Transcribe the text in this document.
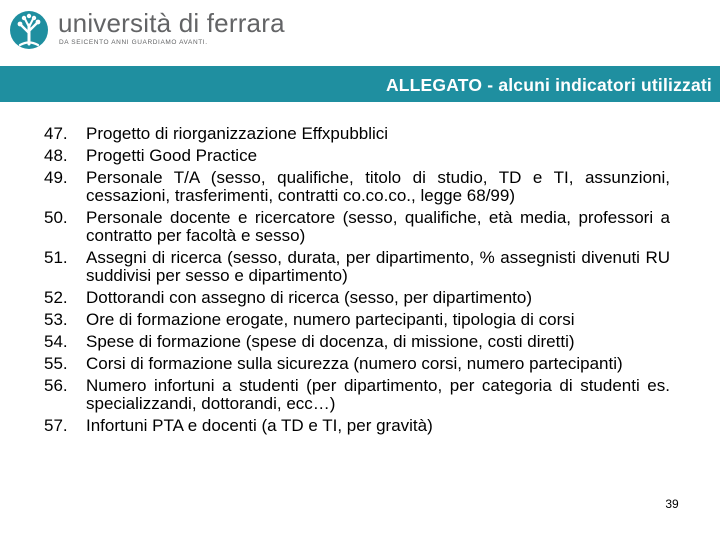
università di ferrara
DA SEICENTO ANNI GUARDIAMO AVANTI.
ALLEGATO - alcuni indicatori utilizzati
47.	Progetto di riorganizzazione Effxpubblici
48.	Progetti Good Practice
49.	Personale T/A (sesso, qualifiche, titolo di studio, TD e TI, assunzioni, cessazioni, trasferimenti, contratti co.co.co., legge 68/99)
50.	Personale docente e ricercatore (sesso, qualifiche, età media, professori a contratto per facoltà e sesso)
51.	Assegni di ricerca (sesso, durata, per dipartimento, % assegnisti divenuti RU suddivisi per sesso e dipartimento)
52.	Dottorandi con assegno di ricerca (sesso, per dipartimento)
53.	Ore di formazione erogate, numero partecipanti, tipologia di corsi
54.	Spese di formazione (spese di docenza, di missione, costi diretti)
55.	Corsi di formazione sulla sicurezza (numero corsi, numero partecipanti)
56.	Numero infortuni a studenti (per dipartimento, per categoria di studenti es. specializzandi, dottorandi, ecc…)
57.	Infortuni PTA e docenti (a TD e TI, per gravità)
39
